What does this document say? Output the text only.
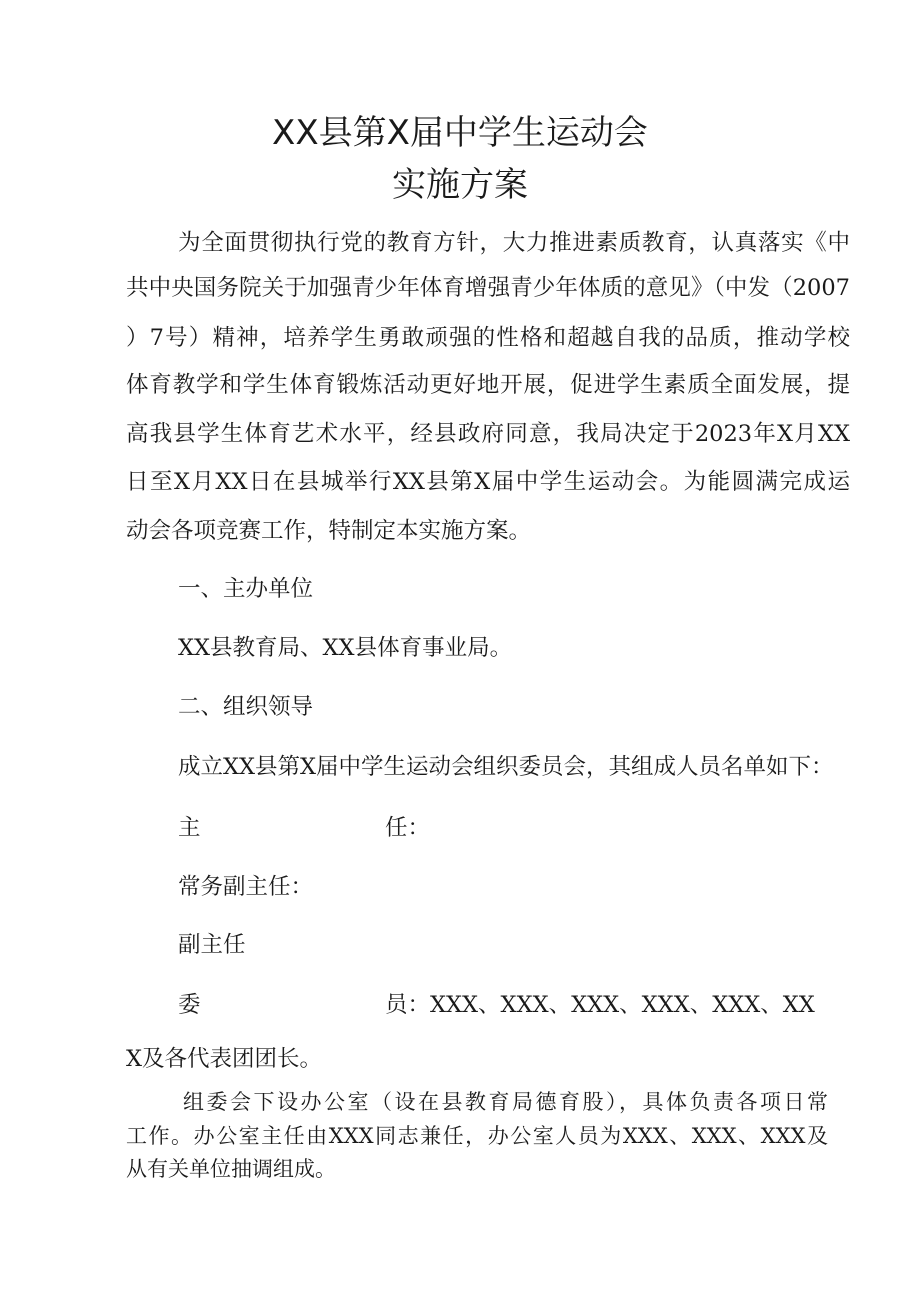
XX县第X届中学生运动会
实施方案

为全面贯彻执行党的教育方针，大力推进素质教育，认真落实《中

共中央国务院关于加强青少年体育增强青少年体质的意见》（中发（2007

）7号）精神，培养学生勇敢顽强的性格和超越自我的品质，推动学校

体育教学和学生体育锻炼活动更好地开展，促进学生素质全面发展，提

高我县学生体育艺术水平，经县政府同意，我局决定于2023年X月XX

日至X月XX日在县城举行XX县第X届中学生运动会。为能圆满完成运

动会各项竞赛工作，特制定本实施方案。

一、主办单位

XX县教育局、XX县体育事业局。

二、组织领导

成立XX县第X届中学生运动会组织委员会，其组成人员名单如下：

主	任：

常务副主任：

副主任

委	员：XXX、XXX、XXX、XXX、XXX、XX

X及各代表团团长。

组委会下设办公室（设在县教育局德育股），具体负责各项日常

工作。办公室主任由XXX同志兼任，办公室人员为XXX、XXX、XXX及

从有关单位抽调组成。
